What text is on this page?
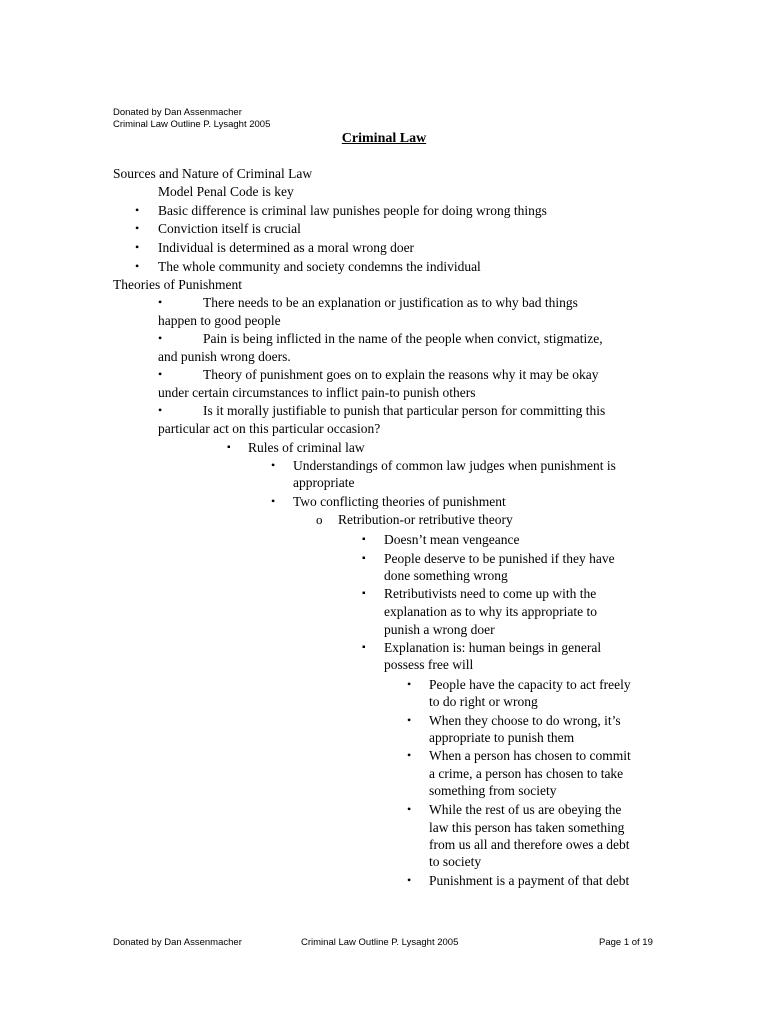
Donated by Dan Assenmacher
Criminal Law Outline P. Lysaght 2005
Criminal Law
Sources and Nature of Criminal Law
Model Penal Code is key
• Basic difference is criminal law punishes people for doing wrong things
• Conviction itself is crucial
• Individual is determined as a moral wrong doer
• The whole community and society condemns the individual
Theories of Punishment
•	There needs to be an explanation or justification as to why bad things
happen to good people
•	Pain is being inflicted in the name of the people when convict, stigmatize,
and punish wrong doers.
•	Theory of punishment goes on to explain the reasons why it may be okay
under certain circumstances to inflict pain-to punish others
•	Is it morally justifiable to punish that particular person for committing this
particular act on this particular occasion?
▪ Rules of criminal law
• Understandings of common law judges when punishment is
appropriate
• Two conflicting theories of punishment
o Retribution-or retributive theory
▪ Doesn’t mean vengeance
▪ People deserve to be punished if they have
done something wrong
▪ Retributivists need to come up with the
explanation as to why its appropriate to
punish a wrong doer
▪ Explanation is: human beings in general
possess free will
• People have the capacity to act freely
to do right or wrong
• When they choose to do wrong, it’s
appropriate to punish them
• When a person has chosen to commit
a crime, a person has chosen to take
something from society
• While the rest of us are obeying the
law this person has taken something
from us all and therefore owes a debt
to society
• Punishment is a payment of that debt
Donated by Dan Assenmacher	Criminal Law Outline P. Lysaght 2005	Page 1 of 19
